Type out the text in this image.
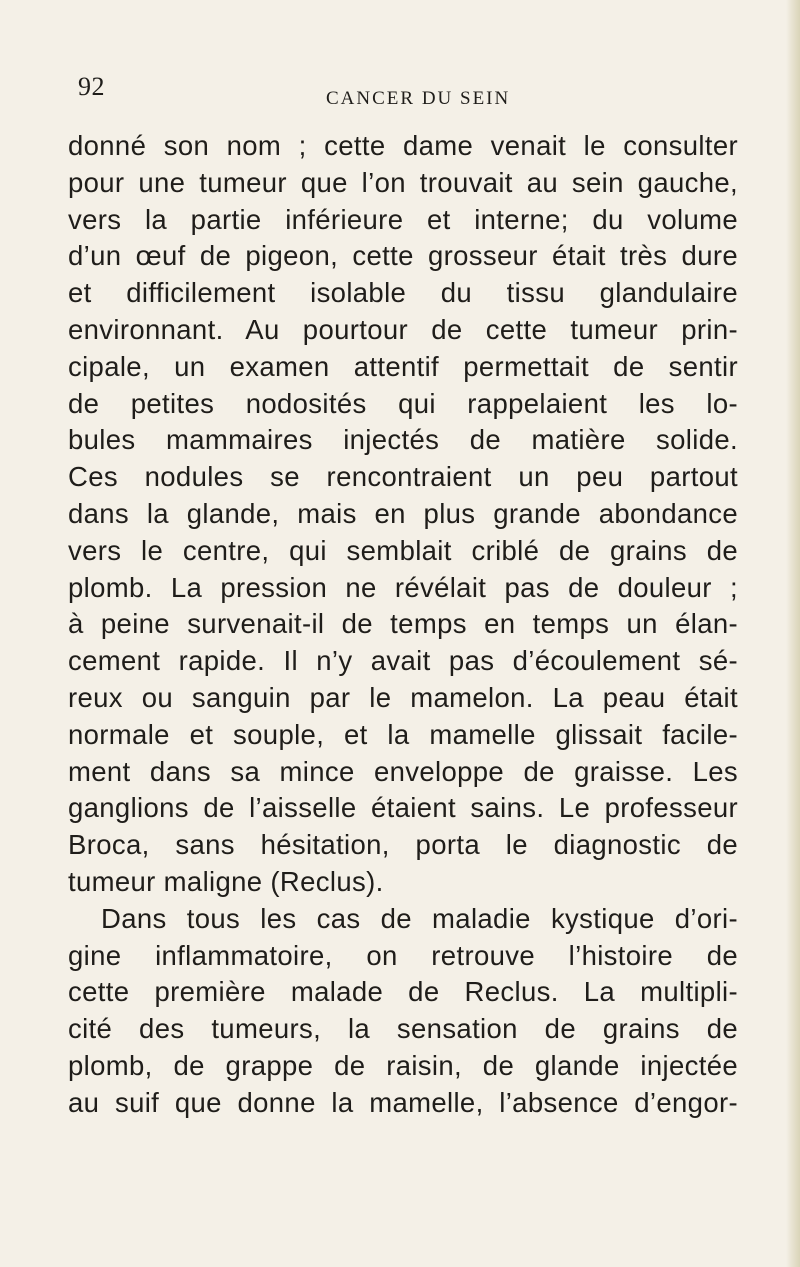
92	CANCER DU SEIN
donné son nom ; cette dame venait le consulter
pour une tumeur que l’on trouvait au sein gauche,
vers la partie inférieure et interne; du volume
d’un œuf de pigeon, cette grosseur était très dure
et difficilement isolable du tissu glandulaire
environnant. Au pourtour de cette tumeur prin-
cipale, un examen attentif permettait de sentir
de petites nodosités qui rappelaient les lo-
bules mammaires injectés de matière solide.
Ces nodules se rencontraient un peu partout
dans la glande, mais en plus grande abondance
vers le centre, qui semblait criblé de grains de
plomb. La pression ne révélait pas de douleur ;
à peine survenait-il de temps en temps un élan-
cement rapide. Il n’y avait pas d’écoulement sé-
reux ou sanguin par le mamelon. La peau était
normale et souple, et la mamelle glissait facile-
ment dans sa mince enveloppe de graisse. Les
ganglions de l’aisselle étaient sains. Le professeur
Broca, sans hésitation, porta le diagnostic de
tumeur maligne (Reclus).
Dans tous les cas de maladie kystique d’ori-
gine inflammatoire, on retrouve l’histoire de
cette première malade de Reclus. La multipli-
cité des tumeurs, la sensation de grains de
plomb, de grappe de raisin, de glande injectée
au suif que donne la mamelle, l’absence d’engor-
